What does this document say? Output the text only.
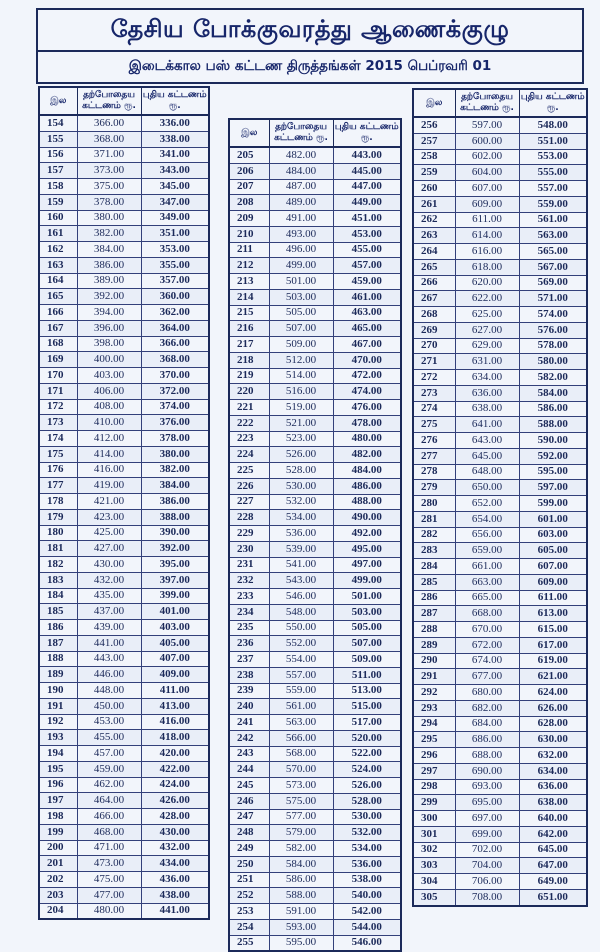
தேசிய போக்குவரத்து ஆணைக்குழு
இடைக்கால பஸ் கட்டண திருத்தங்கள் 2015 பெப்ரவரி 01
இல	தற்போதைய கட்டணம் ரூ.	புதிய கட்டணம் ரூ.
154	366.00	336.00
155	368.00	338.00
156	371.00	341.00
157	373.00	343.00
158	375.00	345.00
159	378.00	347.00
160	380.00	349.00
161	382.00	351.00
162	384.00	353.00
163	386.00	355.00
164	389.00	357.00
165	392.00	360.00
166	394.00	362.00
167	396.00	364.00
168	398.00	366.00
169	400.00	368.00
170	403.00	370.00
171	406.00	372.00
172	408.00	374.00
173	410.00	376.00
174	412.00	378.00
175	414.00	380.00
176	416.00	382.00
177	419.00	384.00
178	421.00	386.00
179	423.00	388.00
180	425.00	390.00
181	427.00	392.00
182	430.00	395.00
183	432.00	397.00
184	435.00	399.00
185	437.00	401.00
186	439.00	403.00
187	441.00	405.00
188	443.00	407.00
189	446.00	409.00
190	448.00	411.00
191	450.00	413.00
192	453.00	416.00
193	455.00	418.00
194	457.00	420.00
195	459.00	422.00
196	462.00	424.00
197	464.00	426.00
198	466.00	428.00
199	468.00	430.00
200	471.00	432.00
201	473.00	434.00
202	475.00	436.00
203	477.00	438.00
204	480.00	441.00
இல	தற்போதைய கட்டணம் ரூ.	புதிய கட்டணம் ரூ.
205	482.00	443.00
206	484.00	445.00
207	487.00	447.00
208	489.00	449.00
209	491.00	451.00
210	493.00	453.00
211	496.00	455.00
212	499.00	457.00
213	501.00	459.00
214	503.00	461.00
215	505.00	463.00
216	507.00	465.00
217	509.00	467.00
218	512.00	470.00
219	514.00	472.00
220	516.00	474.00
221	519.00	476.00
222	521.00	478.00
223	523.00	480.00
224	526.00	482.00
225	528.00	484.00
226	530.00	486.00
227	532.00	488.00
228	534.00	490.00
229	536.00	492.00
230	539.00	495.00
231	541.00	497.00
232	543.00	499.00
233	546.00	501.00
234	548.00	503.00
235	550.00	505.00
236	552.00	507.00
237	554.00	509.00
238	557.00	511.00
239	559.00	513.00
240	561.00	515.00
241	563.00	517.00
242	566.00	520.00
243	568.00	522.00
244	570.00	524.00
245	573.00	526.00
246	575.00	528.00
247	577.00	530.00
248	579.00	532.00
249	582.00	534.00
250	584.00	536.00
251	586.00	538.00
252	588.00	540.00
253	591.00	542.00
254	593.00	544.00
255	595.00	546.00
இல	தற்போதைய கட்டணம் ரூ.	புதிய கட்டணம் ரூ.
256	597.00	548.00
257	600.00	551.00
258	602.00	553.00
259	604.00	555.00
260	607.00	557.00
261	609.00	559.00
262	611.00	561.00
263	614.00	563.00
264	616.00	565.00
265	618.00	567.00
266	620.00	569.00
267	622.00	571.00
268	625.00	574.00
269	627.00	576.00
270	629.00	578.00
271	631.00	580.00
272	634.00	582.00
273	636.00	584.00
274	638.00	586.00
275	641.00	588.00
276	643.00	590.00
277	645.00	592.00
278	648.00	595.00
279	650.00	597.00
280	652.00	599.00
281	654.00	601.00
282	656.00	603.00
283	659.00	605.00
284	661.00	607.00
285	663.00	609.00
286	665.00	611.00
287	668.00	613.00
288	670.00	615.00
289	672.00	617.00
290	674.00	619.00
291	677.00	621.00
292	680.00	624.00
293	682.00	626.00
294	684.00	628.00
295	686.00	630.00
296	688.00	632.00
297	690.00	634.00
298	693.00	636.00
299	695.00	638.00
300	697.00	640.00
301	699.00	642.00
302	702.00	645.00
303	704.00	647.00
304	706.00	649.00
305	708.00	651.00
